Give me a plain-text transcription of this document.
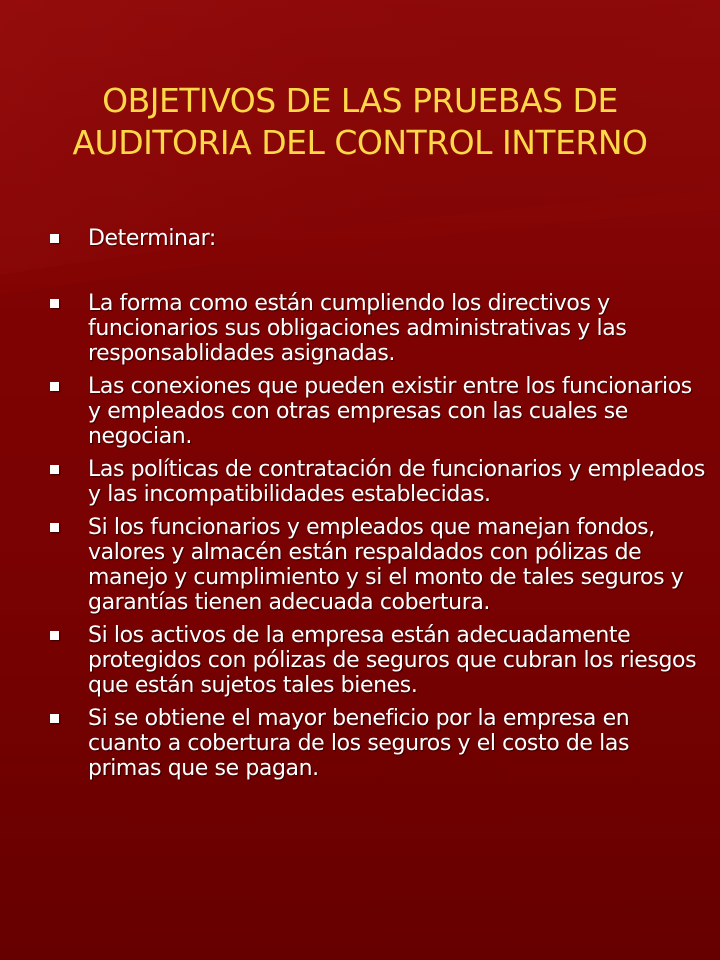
OBJETIVOS DE LAS PRUEBAS DE AUDITORIA DEL CONTROL INTERNO
Determinar:
La forma como están cumpliendo los directivos y funcionarios sus obligaciones administrativas y las responsablidades asignadas.
Las conexiones que pueden existir entre los funcionarios y empleados con otras empresas con las cuales se negocian.
Las políticas de contratación de funcionarios y empleados y las incompatibilidades establecidas.
Si los funcionarios y empleados que manejan fondos, valores y almacén están respaldados con pólizas de manejo y cumplimiento y si el monto de tales seguros y garantías tienen adecuada cobertura.
Si los activos de la empresa están adecuadamente protegidos con pólizas de seguros que cubran los riesgos que están sujetos tales bienes.
Si se obtiene el mayor beneficio por la empresa en cuanto a cobertura de los seguros y el costo de las primas que se pagan.
